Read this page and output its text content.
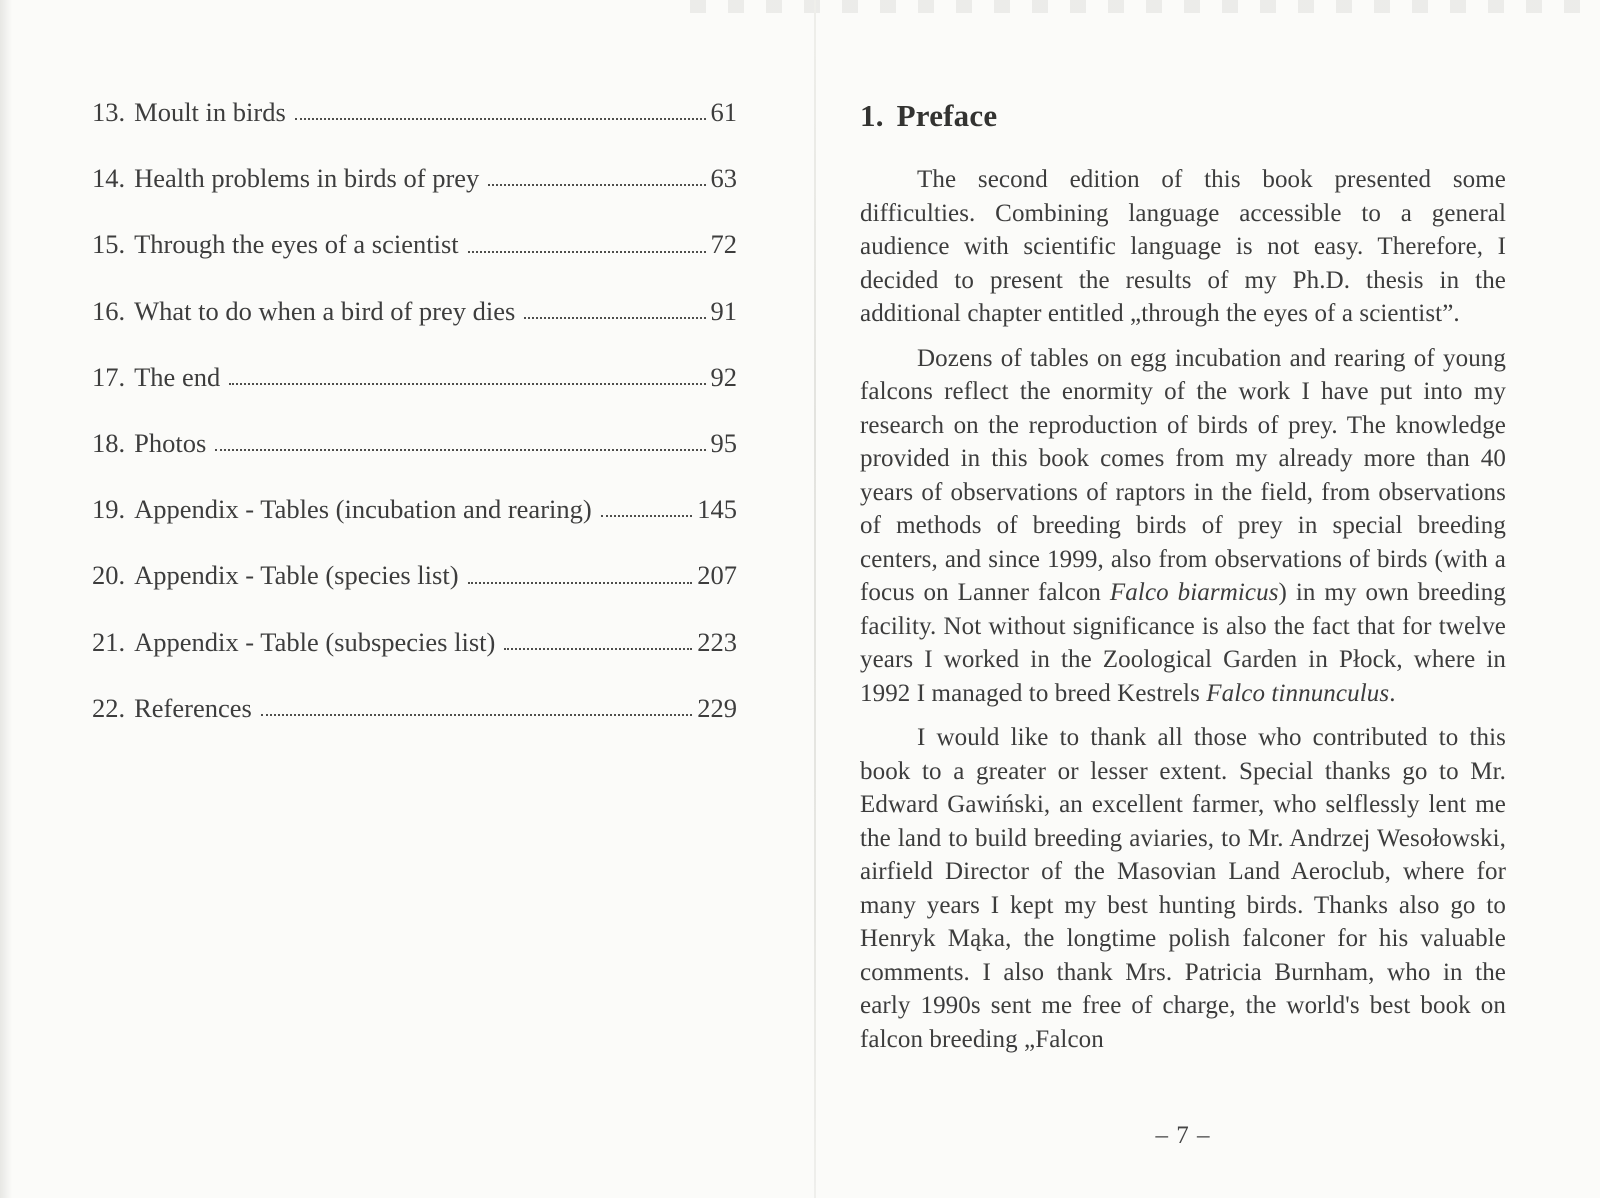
13. Moult in birds	61
14. Health problems in birds of prey	63
15. Through the eyes of a scientist	72
16. What to do when a bird of prey dies	91
17. The end	92
18. Photos	95
19. Appendix - Tables (incubation and rearing)	145
20. Appendix - Table (species list)	207
21. Appendix - Table (subspecies list)	223
22. References	229
1. Preface

The second edition of this book presented some difficulties. Combining language accessible to a general audience with scientific language is not easy. Therefore, I decided to present the results of my Ph.D. thesis in the additional chapter entitled „through the eyes of a scientist”.

Dozens of tables on egg incubation and rearing of young falcons reflect the enormity of the work I have put into my research on the reproduction of birds of prey. The knowledge provided in this book comes from my already more than 40 years of observations of raptors in the field, from observations of methods of breeding birds of prey in special breeding centers, and since 1999, also from observations of birds (with a focus on Lanner falcon Falco biarmicus) in my own breeding facility. Not without significance is also the fact that for twelve years I worked in the Zoological Garden in Płock, where in 1992 I managed to breed Kestrels Falco tinnunculus.

I would like to thank all those who contributed to this book to a greater or lesser extent. Special thanks go to Mr. Edward Gawiński, an excellent farmer, who selflessly lent me the land to build breeding aviaries, to Mr. Andrzej Wesołowski, airfield Director of the Masovian Land Aeroclub, where for many years I kept my best hunting birds. Thanks also go to Henryk Mąka, the longtime polish falconer for his valuable comments. I also thank Mrs. Patricia Burnham, who in the early 1990s sent me free of charge, the world's best book on falcon breeding „Falcon

– 7 –
